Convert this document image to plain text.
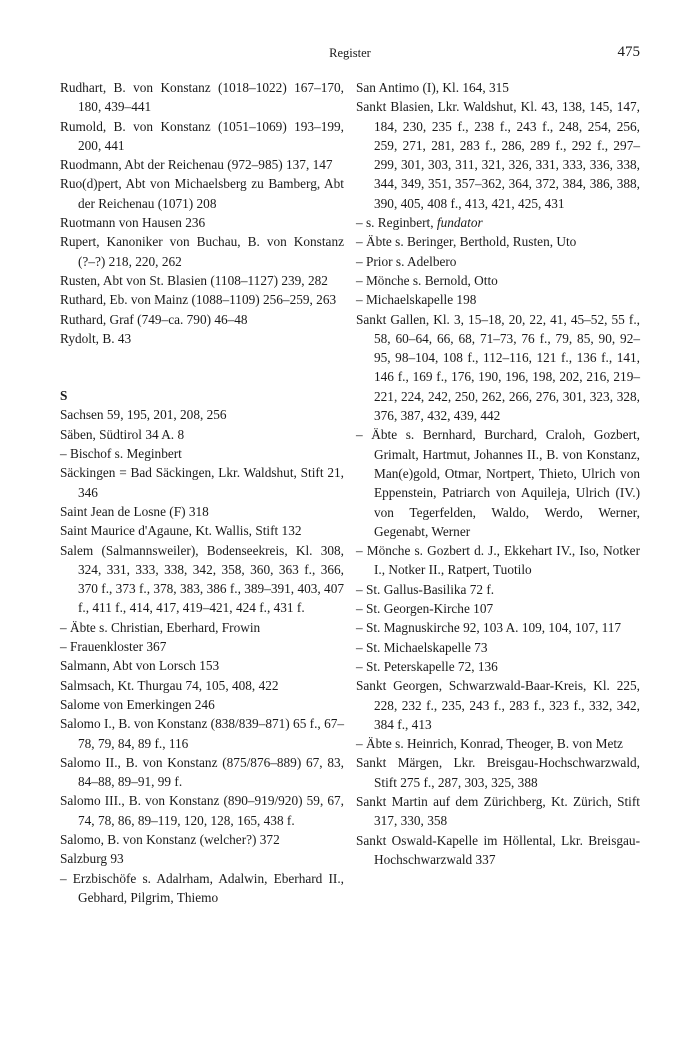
Register	475
Rudhart, B. von Konstanz (1018–1022) 167–170, 180, 439–441
Rumold, B. von Konstanz (1051–1069) 193–199, 200, 441
Ruodmann, Abt der Reichenau (972–985) 137, 147
Ruo(d)pert, Abt von Michaelsberg zu Bamberg, Abt der Reichenau (1071) 208
Ruotmann von Hausen 236
Rupert, Kanoniker von Buchau, B. von Konstanz (?–?) 218, 220, 262
Rusten, Abt von St. Blasien (1108–1127) 239, 282
Ruthard, Eb. von Mainz (1088–1109) 256–259, 263
Ruthard, Graf (749–ca. 790) 46–48
Rydolt, B. 43
S
Sachsen 59, 195, 201, 208, 256
Säben, Südtirol 34 A. 8
– Bischof s. Meginbert
Säckingen = Bad Säckingen, Lkr. Waldshut, Stift 21, 346
Saint Jean de Losne (F) 318
Saint Maurice d'Agaune, Kt. Wallis, Stift 132
Salem (Salmannsweiler), Bodenseekreis, Kl. 308, 324, 331, 333, 338, 342, 358, 360, 363 f., 366, 370 f., 373 f., 378, 383, 386 f., 389–391, 403, 407 f., 411 f., 414, 417, 419–421, 424 f., 431 f.
– Äbte s. Christian, Eberhard, Frowin
– Frauenkloster 367
Salmann, Abt von Lorsch 153
Salmsach, Kt. Thurgau 74, 105, 408, 422
Salome von Emerkingen 246
Salomo I., B. von Konstanz (838/839–871) 65 f., 67–78, 79, 84, 89 f., 116
Salomo II., B. von Konstanz (875/876–889) 67, 83, 84–88, 89–91, 99 f.
Salomo III., B. von Konstanz (890–919/920) 59, 67, 74, 78, 86, 89–119, 120, 128, 165, 438 f.
Salomo, B. von Konstanz (welcher?) 372
Salzburg 93
– Erzbischöfe s. Adalrham, Adalwin, Eberhard II., Gebhard, Pilgrim, Thiemo
San Antimo (I), Kl. 164, 315
Sankt Blasien, Lkr. Waldshut, Kl. 43, 138, 145, 147, 184, 230, 235 f., 238 f., 243 f., 248, 254, 256, 259, 271, 281, 283 f., 286, 289 f., 292 f., 297–299, 301, 303, 311, 321, 326, 331, 333, 336, 338, 344, 349, 351, 357–362, 364, 372, 384, 386, 388, 390, 405, 408 f., 413, 421, 425, 431
– s. Reginbert, fundator
– Äbte s. Beringer, Berthold, Rusten, Uto
– Prior s. Adelbero
– Mönche s. Bernold, Otto
– Michaelskapelle 198
Sankt Gallen, Kl. 3, 15–18, 20, 22, 41, 45–52, 55 f., 58, 60–64, 66, 68, 71–73, 76 f., 79, 85, 90, 92–95, 98–104, 108 f., 112–116, 121 f., 136 f., 141, 146 f., 169 f., 176, 190, 196, 198, 202, 216, 219–221, 224, 242, 250, 262, 266, 276, 301, 323, 328, 376, 387, 432, 439, 442
– Äbte s. Bernhard, Burchard, Craloh, Gozbert, Grimalt, Hartmut, Johannes II., B. von Konstanz, Man(e)gold, Otmar, Nortpert, Thieto, Ulrich von Eppenstein, Patriarch von Aquileja, Ulrich (IV.) von Tegerfelden, Waldo, Werdo, Werner, Gegenabt, Werner
– Mönche s. Gozbert d. J., Ekkehart IV., Iso, Notker I., Notker II., Ratpert, Tuotilo
– St. Gallus-Basilika 72 f.
– St. Georgen-Kirche 107
– St. Magnuskirche 92, 103 A. 109, 104, 107, 117
– St. Michaelskapelle 73
– St. Peterskapelle 72, 136
Sankt Georgen, Schwarzwald-Baar-Kreis, Kl. 225, 228, 232 f., 235, 243 f., 283 f., 323 f., 332, 342, 384 f., 413
– Äbte s. Heinrich, Konrad, Theoger, B. von Metz
Sankt Märgen, Lkr. Breisgau-Hochschwarzwald, Stift 275 f., 287, 303, 325, 388
Sankt Martin auf dem Zürichberg, Kt. Zürich, Stift 317, 330, 358
Sankt Oswald-Kapelle im Höllental, Lkr. Breisgau-Hochschwarzwald 337
